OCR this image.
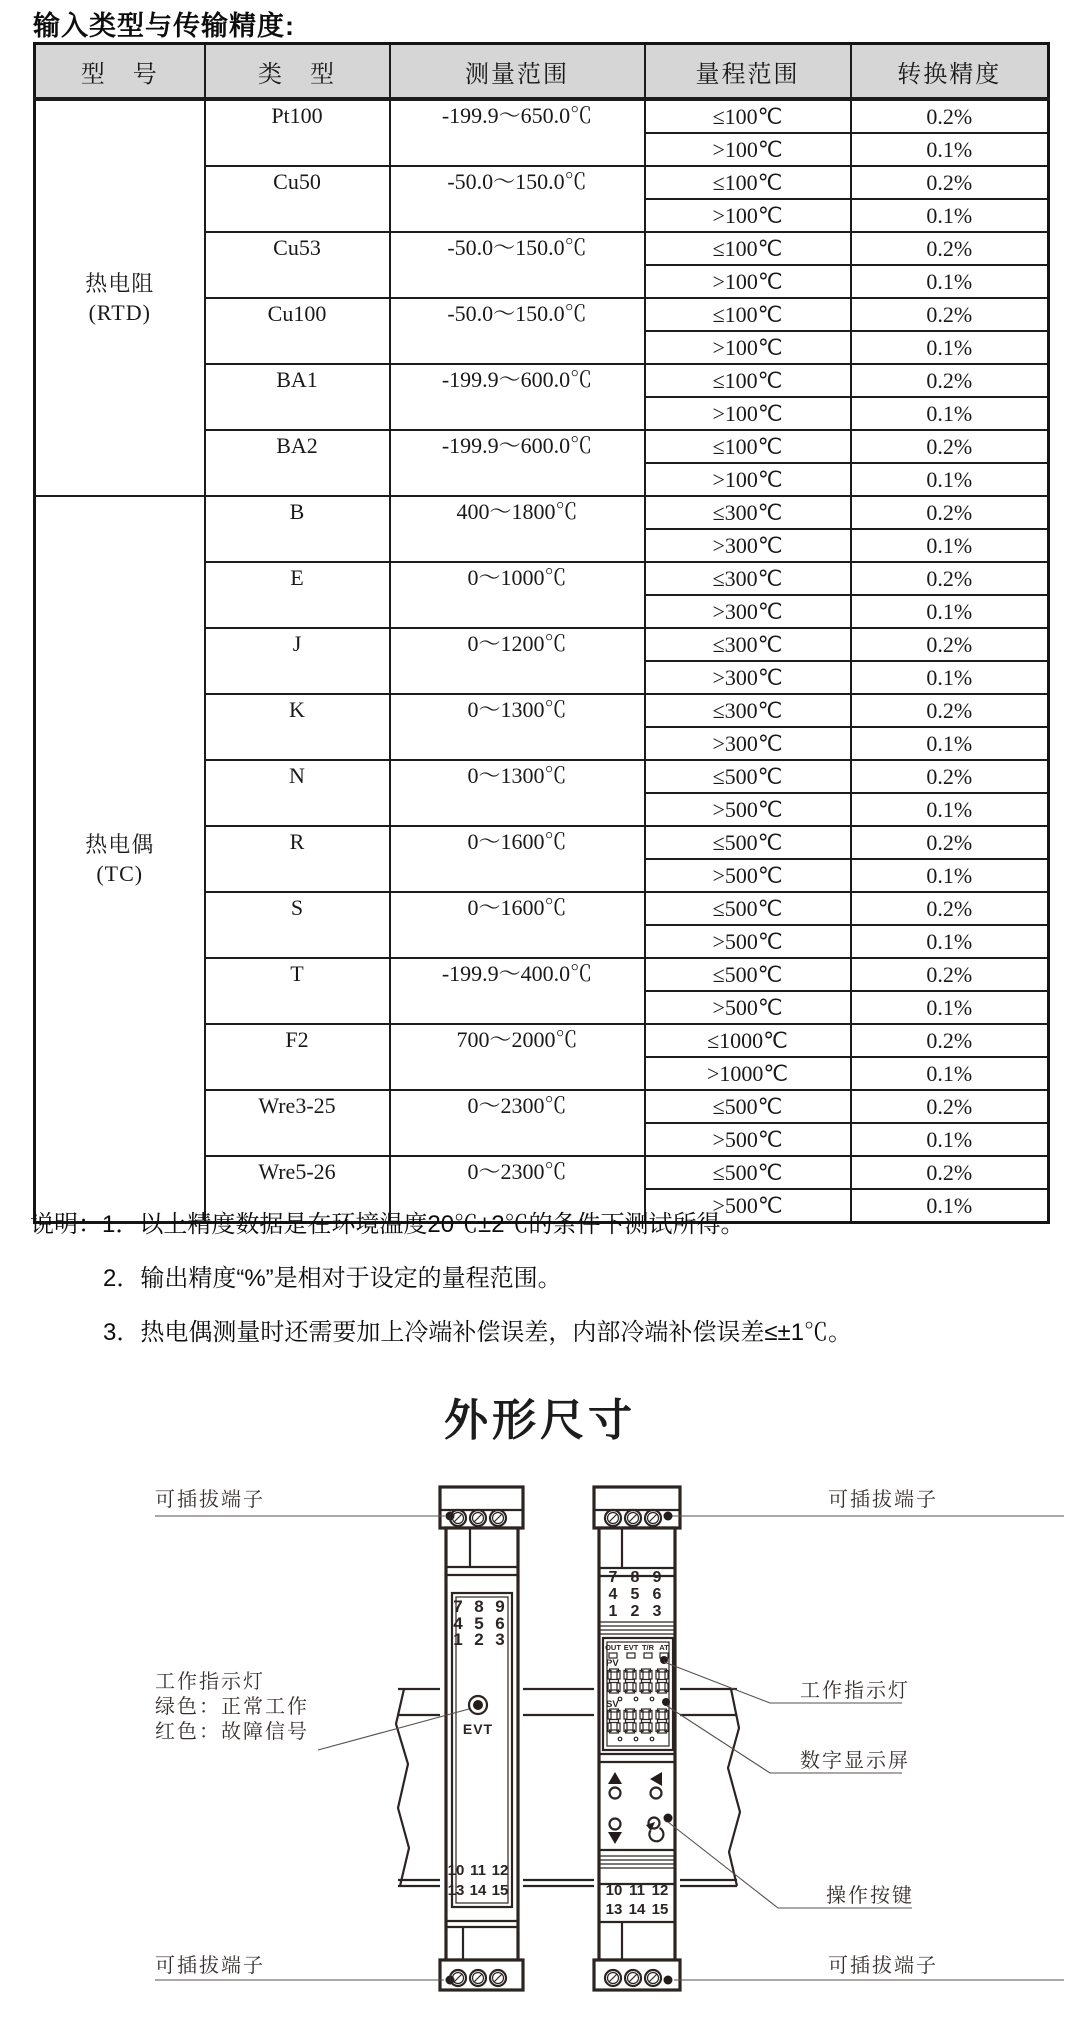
输入类型与传输精度:
型　号	类　型	测量范围	量程范围	转换精度

热电阻
(RTD)	Pt100	-199.9～650.0℃	≤100℃	0.2%
			>100℃	0.1%
	Cu50	-50.0～150.0℃	≤100℃	0.2%
			>100℃	0.1%
	Cu53	-50.0～150.0℃	≤100℃	0.2%
			>100℃	0.1%
	Cu100	-50.0～150.0℃	≤100℃	0.2%
			>100℃	0.1%
	BA1	-199.9～600.0℃	≤100℃	0.2%
			>100℃	0.1%
	BA2	-199.9～600.0℃	≤100℃	0.2%
			>100℃	0.1%

热电偶
(TC)	B	400～1800℃	≤300℃	0.2%
			>300℃	0.1%
	E	0～1000℃	≤300℃	0.2%
			>300℃	0.1%
	J	0～1200℃	≤300℃	0.2%
			>300℃	0.1%
	K	0～1300℃	≤300℃	0.2%
			>300℃	0.1%
	N	0～1300℃	≤500℃	0.2%
			>500℃	0.1%
	R	0～1600℃	≤500℃	0.2%
			>500℃	0.1%
	S	0～1600℃	≤500℃	0.2%
			>500℃	0.1%
	T	-199.9～400.0℃	≤500℃	0.2%
			>500℃	0.1%
	F2	700～2000℃	≤1000℃	0.2%
			>1000℃	0.1%
	Wre3-25	0～2300℃	≤500℃	0.2%
			>500℃	0.1%
	Wre5-26	0～2300℃	≤500℃	0.2%
			>500℃	0.1%
说明： 1．以上精度数据是在环境温度20℃±2℃的条件下测试所得。
2．输出精度“%”是相对于设定的量程范围。
3．热电偶测量时还需要加上冷端补偿误差，内部冷端补偿误差≤±1℃。
外形尺寸
EVT
OUT EVT T/R AT
PV
SV
可插拔端子	可插拔端子
工作指示灯
绿色：正常工作
红色：故障信号
工作指示灯
数字显示屏
操作按键
可插拔端子	可插拔端子
7 8 9
4 5 6
1 2 3
7 8 9
4 5 6
1 2 3
10 11 12
13 14 15	10 11 12
13 14 15
